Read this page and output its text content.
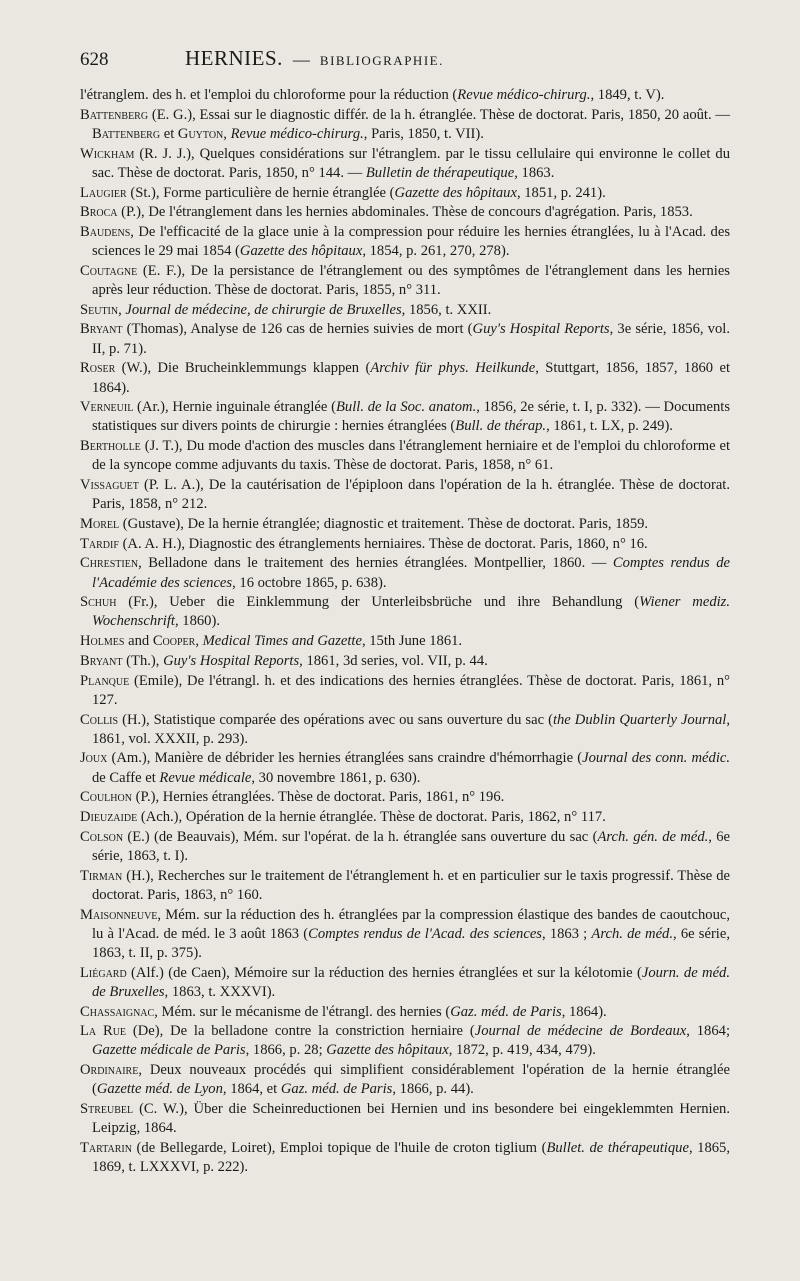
628	HERNIES. — BIBLIOGRAPHIE.

l'étranglem. des h. et l'emploi du chloroforme pour la réduction (Revue médico-chirurg., 1849, t. V).

Battenberg (E. G.), Essai sur le diagnostic différ. de la h. étranglée. Thèse de doctorat. Paris, 1850, 20 août. — Battenberg et Guyton, Revue médico-chirurg., Paris, 1850, t. VII).

Wickham (R. J. J.), Quelques considérations sur l'étranglem. par le tissu cellulaire qui environne le collet du sac. Thèse de doctorat. Paris, 1850, n° 144. — Bulletin de thérapeutique, 1863.

Laugier (St.), Forme particulière de hernie étranglée (Gazette des hôpitaux, 1851, p. 241).

Broca (P.), De l'étranglement dans les hernies abdominales. Thèse de concours d'agrégation. Paris, 1853.

Baudens, De l'efficacité de la glace unie à la compression pour réduire les hernies étranglées, lu à l'Acad. des sciences le 29 mai 1854 (Gazette des hôpitaux, 1854, p. 261, 270, 278).

Coutagne (E. F.), De la persistance de l'étranglement ou des symptômes de l'étranglement dans les hernies après leur réduction. Thèse de doctorat. Paris, 1855, n° 311.

Seutin, Journal de médecine, de chirurgie de Bruxelles, 1856, t. XXII.

Bryant (Thomas), Analyse de 126 cas de hernies suivies de mort (Guy's Hospital Reports, 3e série, 1856, vol. II, p. 71).

Roser (W.), Die Brucheinklemmungs klappen (Archiv für phys. Heilkunde, Stuttgart, 1856, 1857, 1860 et 1864).

Verneuil (Ar.), Hernie inguinale étranglée (Bull. de la Soc. anatom., 1856, 2e série, t. I, p. 332). — Documents statistiques sur divers points de chirurgie : hernies étranglées (Bull. de thérap., 1861, t. LX, p. 249).

Bertholle (J. T.), Du mode d'action des muscles dans l'étranglement herniaire et de l'emploi du chloroforme et de la syncope comme adjuvants du taxis. Thèse de doctorat. Paris, 1858, n° 61.

Vissaguet (P. L. A.), De la cautérisation de l'épiploon dans l'opération de la h. étranglée. Thèse de doctorat. Paris, 1858, n° 212.

Morel (Gustave), De la hernie étranglée; diagnostic et traitement. Thèse de doctorat. Paris, 1859.

Tardif (A. A. H.), Diagnostic des étranglements herniaires. Thèse de doctorat. Paris, 1860, n° 16.

Chrestien, Belladone dans le traitement des hernies étranglées. Montpellier, 1860. — Comptes rendus de l'Académie des sciences, 16 octobre 1865, p. 638).

Schuh (Fr.), Ueber die Einklemmung der Unterleibsbrüche und ihre Behandlung (Wiener mediz. Wochenschrift, 1860).

Holmes and Cooper, Medical Times and Gazette, 15th June 1861.

Bryant (Th.), Guy's Hospital Reports, 1861, 3d series, vol. VII, p. 44.

Planque (Emile), De l'étrangl. h. et des indications des hernies étranglées. Thèse de doctorat. Paris, 1861, n° 127.

Collis (H.), Statistique comparée des opérations avec ou sans ouverture du sac (the Dublin Quarterly Journal, 1861, vol. XXXII, p. 293).

Joux (Am.), Manière de débrider les hernies étranglées sans craindre d'hémorrhagie (Journal des conn. médic. de Caffe et Revue médicale, 30 novembre 1861, p. 630).

Coulhon (P.), Hernies étranglées. Thèse de doctorat. Paris, 1861, n° 196.

Dieuzaide (Ach.), Opération de la hernie étranglée. Thèse de doctorat. Paris, 1862, n° 117.

Colson (E.) (de Beauvais), Mém. sur l'opérat. de la h. étranglée sans ouverture du sac (Arch. gén. de méd., 6e série, 1863, t. I).

Tirman (H.), Recherches sur le traitement de l'étranglement h. et en particulier sur le taxis progressif. Thèse de doctorat. Paris, 1863, n° 160.

Maisonneuve, Mém. sur la réduction des h. étranglées par la compression élastique des bandes de caoutchouc, lu à l'Acad. de méd. le 3 août 1863 (Comptes rendus de l'Acad. des sciences, 1863 ; Arch. de méd., 6e série, 1863, t. II, p. 375).

Liégard (Alf.) (de Caen), Mémoire sur la réduction des hernies étranglées et sur la kélotomie (Journ. de méd. de Bruxelles, 1863, t. XXXVI).

Chassaignac, Mém. sur le mécanisme de l'étrangl. des hernies (Gaz. méd. de Paris, 1864).

La Rue (De), De la belladone contre la constriction herniaire (Journal de médecine de Bordeaux, 1864; Gazette médicale de Paris, 1866, p. 28; Gazette des hôpitaux, 1872, p. 419, 434, 479).

Ordinaire, Deux nouveaux procédés qui simplifient considérablement l'opération de la hernie étranglée (Gazette méd. de Lyon, 1864, et Gaz. méd. de Paris, 1866, p. 44).

Streubel (C. W.), Über die Scheinreductionen bei Hernien und ins besondere bei eingeklemmten Hernien. Leipzig, 1864.

Tartarin (de Bellegarde, Loiret), Emploi topique de l'huile de croton tiglium (Bullet. de thérapeutique, 1865, 1869, t. LXXXVI, p. 222).
